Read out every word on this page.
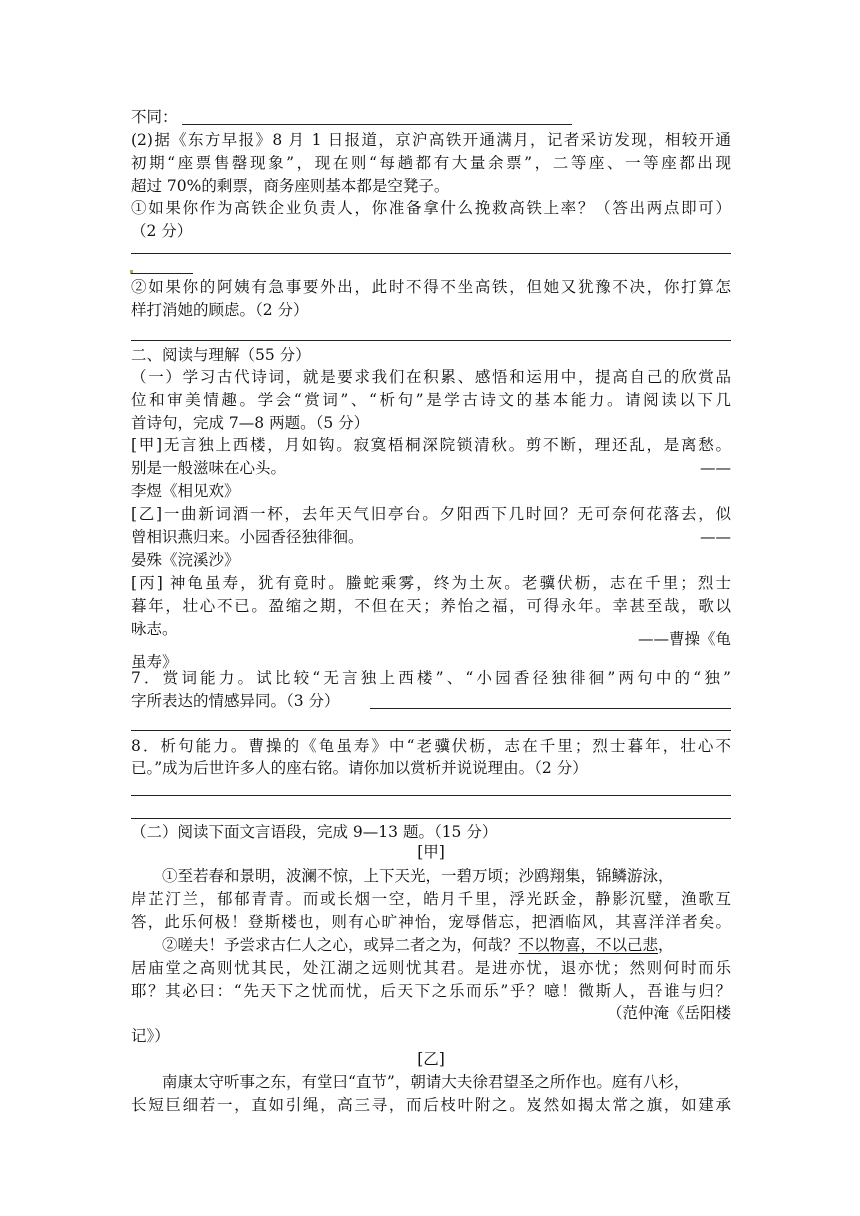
不同：
(2)据《东方早报》8 月 1 日报道，京沪高铁开通满月，记者采访发现，相较开通
初期“座票售罄现象”，现在则“每趟都有大量余票”，二等座、一等座都出现
超过 70%的剩票，商务座则基本都是空凳子。
①如果你作为高铁企业负责人，你准备拿什么挽救高铁上率？（答出两点即可）
（2 分）
②如果你的阿姨有急事要外出，此时不得不坐高铁，但她又犹豫不决，你打算怎
样打消她的顾虑。（2 分）
二、阅读与理解（55 分）
（一）学习古代诗词，就是要求我们在积累、感悟和运用中，提高自己的欣赏品
位和审美情趣。学会“赏词”、“析句”是学古诗文的基本能力。请阅读以下几
首诗句，完成 7—8 两题。（5 分）
[甲]无言独上西楼，月如钩。寂寞梧桐深院锁清秋。剪不断，理还乱，是离愁。
别是一般滋味在心头。	——
李煜《相见欢》
[乙]一曲新词酒一杯，去年天气旧亭台。夕阳西下几时回？无可奈何花落去，似
曾相识燕归来。小园香径独徘徊。	——
晏殊《浣溪沙》
[丙] 神龟虽寿，犹有竟时。螣蛇乘雾，终为土灰。老骥伏枥，志在千里；烈士
暮年，壮心不已。盈缩之期，不但在天；养怡之福，可得永年。幸甚至哉，歌以
咏志。
——曹操《龟
虽寿》
7．赏词能力。试比较“无言独上西楼”、“小园香径独徘徊”两句中的“独”
字所表达的情感异同。（3 分）
8．析句能力。曹操的《龟虽寿》中“老骥伏枥，志在千里；烈士暮年，壮心不
已。”成为后世许多人的座右铭。请你加以赏析并说说理由。（2 分）
（二）阅读下面文言语段，完成 9—13 题。（15 分）
[甲]
①至若春和景明，波澜不惊，上下天光，一碧万顷；沙鸥翔集，锦鳞游泳，
岸芷汀兰，郁郁青青。而或长烟一空，皓月千里，浮光跃金，静影沉璧，渔歌互
答，此乐何极！登斯楼也，则有心旷神怡，宠辱偕忘，把酒临风，其喜洋洋者矣。
②嗟夫！予尝求古仁人之心，或异二者之为，何哉？不以物喜，不以己悲，
居庙堂之高则忧其民，处江湖之远则忧其君。是进亦忧，退亦忧；然则何时而乐
耶？其必曰：“先天下之忧而忧，后天下之乐而乐”乎？噫！微斯人，吾谁与归？
（范仲淹《岳阳楼
记》）
[乙]
南康太守听事之东，有堂曰“直节”，朝请大夫徐君望圣之所作也。庭有八杉，
长短巨细若一，直如引绳，高三寻，而后枝叶附之。岌然如揭太常之旗，如建承
